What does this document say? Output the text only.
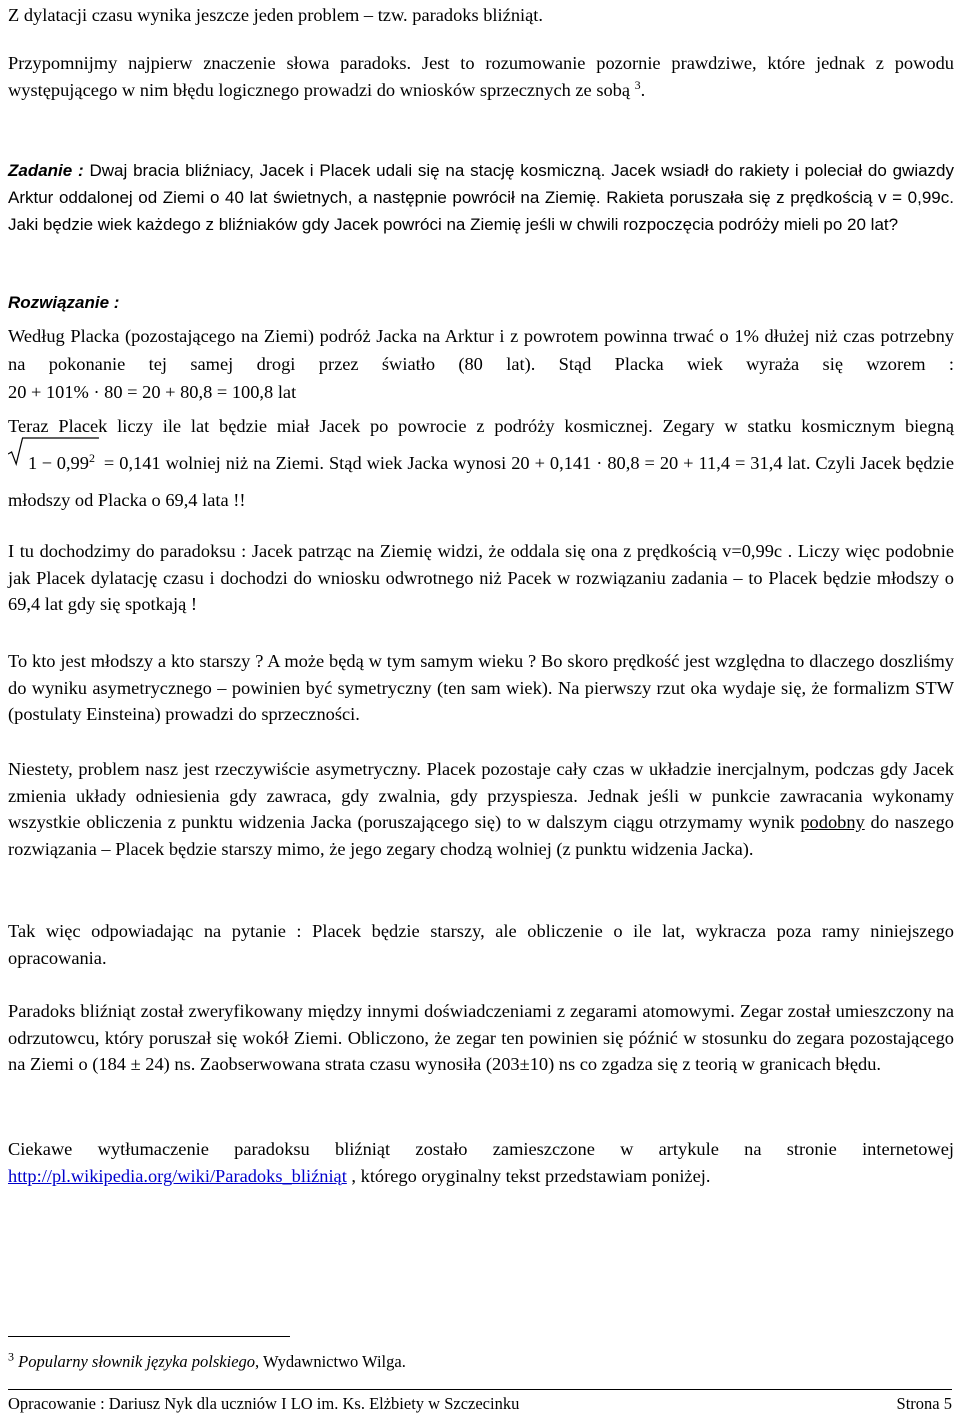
Z dylatacji czasu wynika jeszcze jeden problem – tzw. paradoks bliźniąt.

Przypomnijmy najpierw znaczenie słowa paradoks. Jest to rozumowanie pozornie prawdziwe, które jednak z powodu występującego w nim błędu logicznego prowadzi do wniosków sprzecznych ze sobą $^3$.

Zadanie : Dwaj bracia bliźniacy, Jacek i Placek udali się na stację kosmiczną. Jacek wsiadł do rakiety i poleciał do gwiazdy Arktur oddalonej od Ziemi o 40 lat świetnych, a następnie powrócił na Ziemię. Rakieta poruszała się z prędkością v = 0,99c. Jaki będzie wiek każdego z bliźniaków gdy Jacek powróci na Ziemię jeśli w chwili rozpoczęcia podróży mieli po 20 lat?

Rozwiązanie :

Według Placka (pozostającego na Ziemi) podróż Jacka na Arktur i z powrotem powinna trwać o 1% dłużej niż czas potrzebny na pokonanie tej samej drogi przez światło (80 lat). Stąd Placka wiek wyraża się wzorem : 20 + 101% · 80 = 20 + 80,8 = 100,8 lat

Teraz Placek liczy ile lat będzie miał Jacek po powrocie z podróży kosmicznej. Zegary w statku kosmicznym biegną
$1 - 0,99^2 = 0,141$ wolniej niż na Ziemi. Stąd wiek Jacka wynosi 20 + 0,141 · 80,8 = 20 + 11,4 = 31,4 lat. Czyli Jacek będzie młodszy od Placka o 69,4 lata !!

I tu dochodzimy do paradoksu : Jacek patrząc na Ziemię widzi, że oddala się ona z prędkością v=0,99c . Liczy więc podobnie jak Placek dylatację czasu i dochodzi do wniosku odwrotnego niż Pacek w rozwiązaniu zadania – to Placek będzie młodszy o 69,4 lat gdy się spotkają !

To kto jest młodszy a kto starszy ? A może będą w tym samym wieku ? Bo skoro prędkość jest względna to dlaczego doszliśmy do wyniku asymetrycznego – powinien być symetryczny (ten sam wiek). Na pierwszy rzut oka wydaje się, że formalizm STW (postulaty Einsteina) prowadzi do sprzeczności.

Niestety, problem nasz jest rzeczywiście asymetryczny. Placek pozostaje cały czas w układzie inercjalnym, podczas gdy Jacek zmienia układy odniesienia gdy zawraca, gdy zwalnia, gdy przyspiesza. Jednak jeśli w punkcie zawracania wykonamy wszystkie obliczenia z punktu widzenia Jacka (poruszającego się) to w dalszym ciągu otrzymamy wynik podobny do naszego rozwiązania – Placek będzie starszy mimo, że jego zegary chodzą wolniej (z punktu widzenia Jacka).

Tak więc odpowiadając na pytanie : Placek będzie starszy, ale obliczenie o ile lat, wykracza poza ramy niniejszego opracowania.

Paradoks bliźniąt został zweryfikowany między innymi doświadczeniami z zegarami atomowymi. Zegar został umieszczony na odrzutowcu, który poruszał się wokół Ziemi. Obliczono, że zegar ten powinien się późnić w stosunku do zegara pozostającego na Ziemi o (184 ± 24) ns. Zaobserwowana strata czasu wynosiła (203±10) ns co zgadza się z teorią w granicach błędu.

Ciekawe wytłumaczenie paradoksu bliźniąt zostało zamieszczone w artykule na stronie internetowej http://pl.wikipedia.org/wiki/Paradoks_bliźniąt , którego oryginalny tekst przedstawiam poniżej.

$^3$ Popularny słownik języka polskiego, Wydawnictwo Wilga.
Opracowanie : Dariusz Nyk dla uczniów I LO im. Ks. Elżbiety w Szczecinku	Strona 5
